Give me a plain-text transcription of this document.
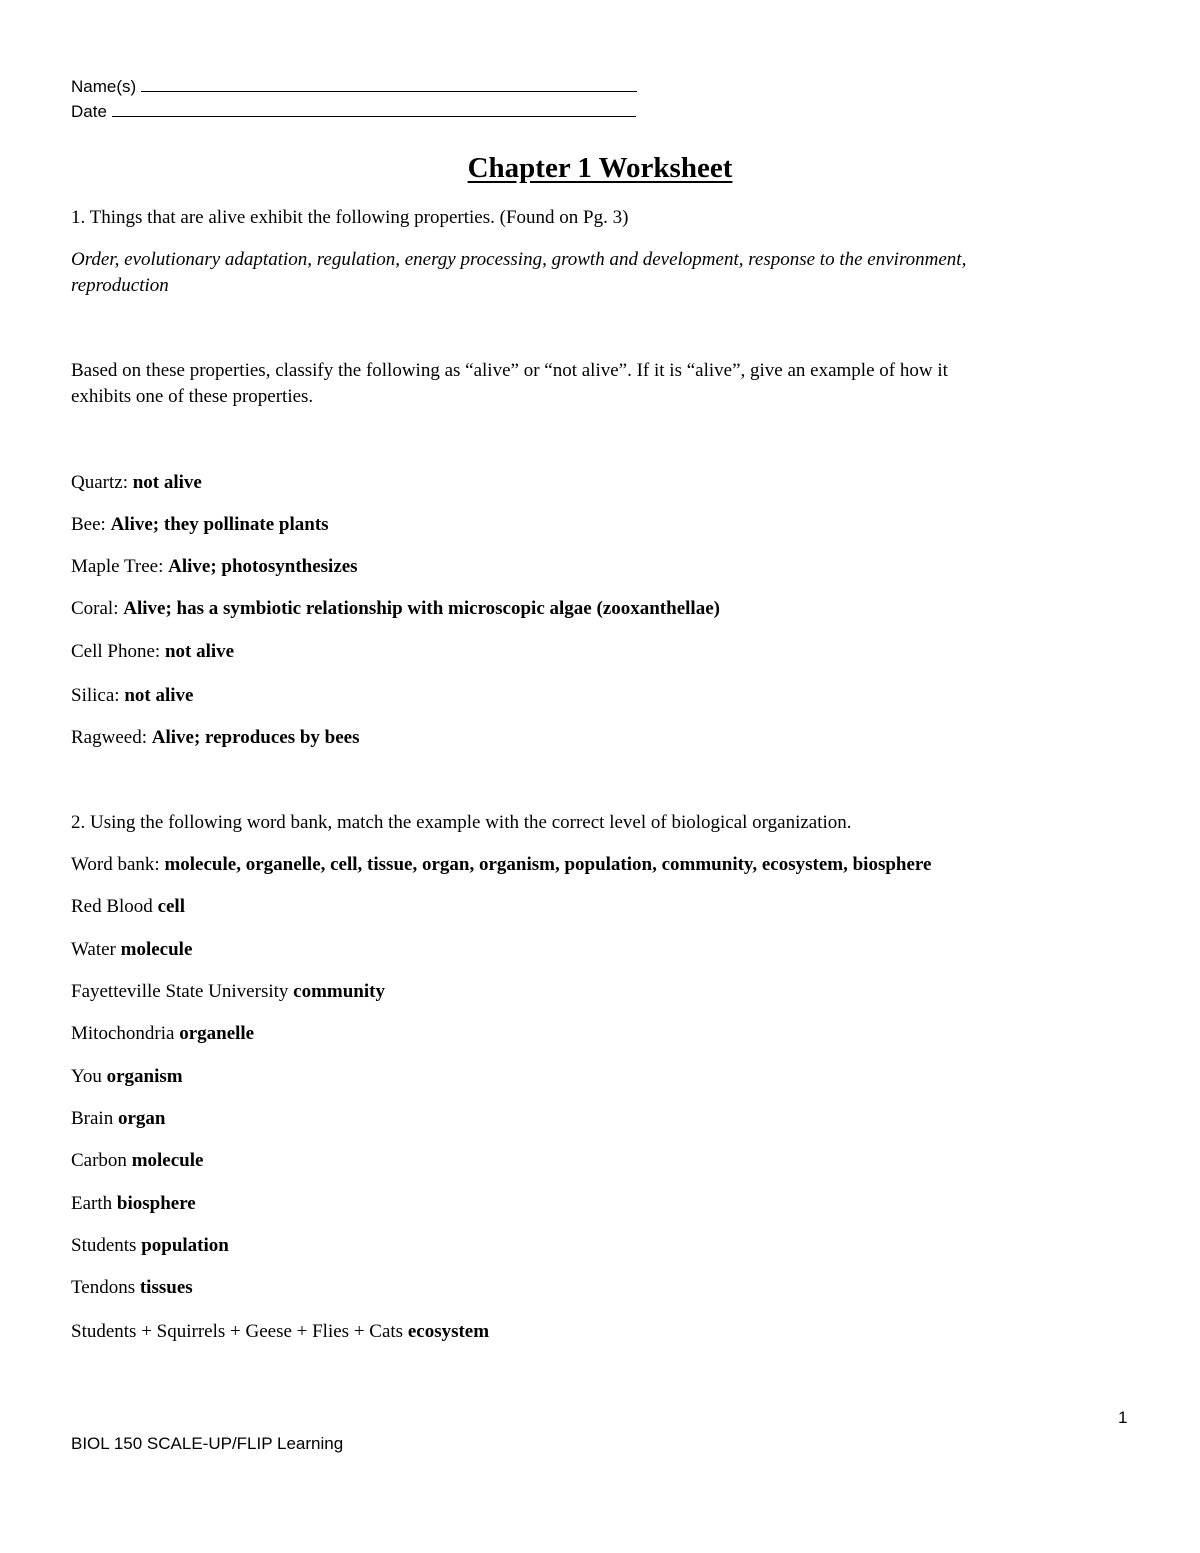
Name(s)
Date
Chapter 1 Worksheet
1. Things that are alive exhibit the following properties. (Found on Pg. 3)
Order, evolutionary adaptation, regulation, energy processing, growth and development, response to the environment,
reproduction
Based on these properties, classify the following as “alive” or “not alive”. If it is “alive”, give an example of how it
exhibits one of these properties.
Quartz: not alive
Bee: Alive; they pollinate plants
Maple Tree: Alive; photosynthesizes
Coral: Alive; has a symbiotic relationship with microscopic algae (zooxanthellae)
Cell Phone: not alive
Silica: not alive
Ragweed: Alive; reproduces by bees
2. Using the following word bank, match the example with the correct level of biological organization.
Word bank: molecule, organelle, cell, tissue, organ, organism, population, community, ecosystem, biosphere
Red Blood cell
Water molecule
Fayetteville State University community
Mitochondria organelle
You organism
Brain organ
Carbon molecule
Earth biosphere
Students population
Tendons tissues
Students + Squirrels + Geese + Flies + Cats ecosystem
1
BIOL 150 SCALE-UP/FLIP Learning
